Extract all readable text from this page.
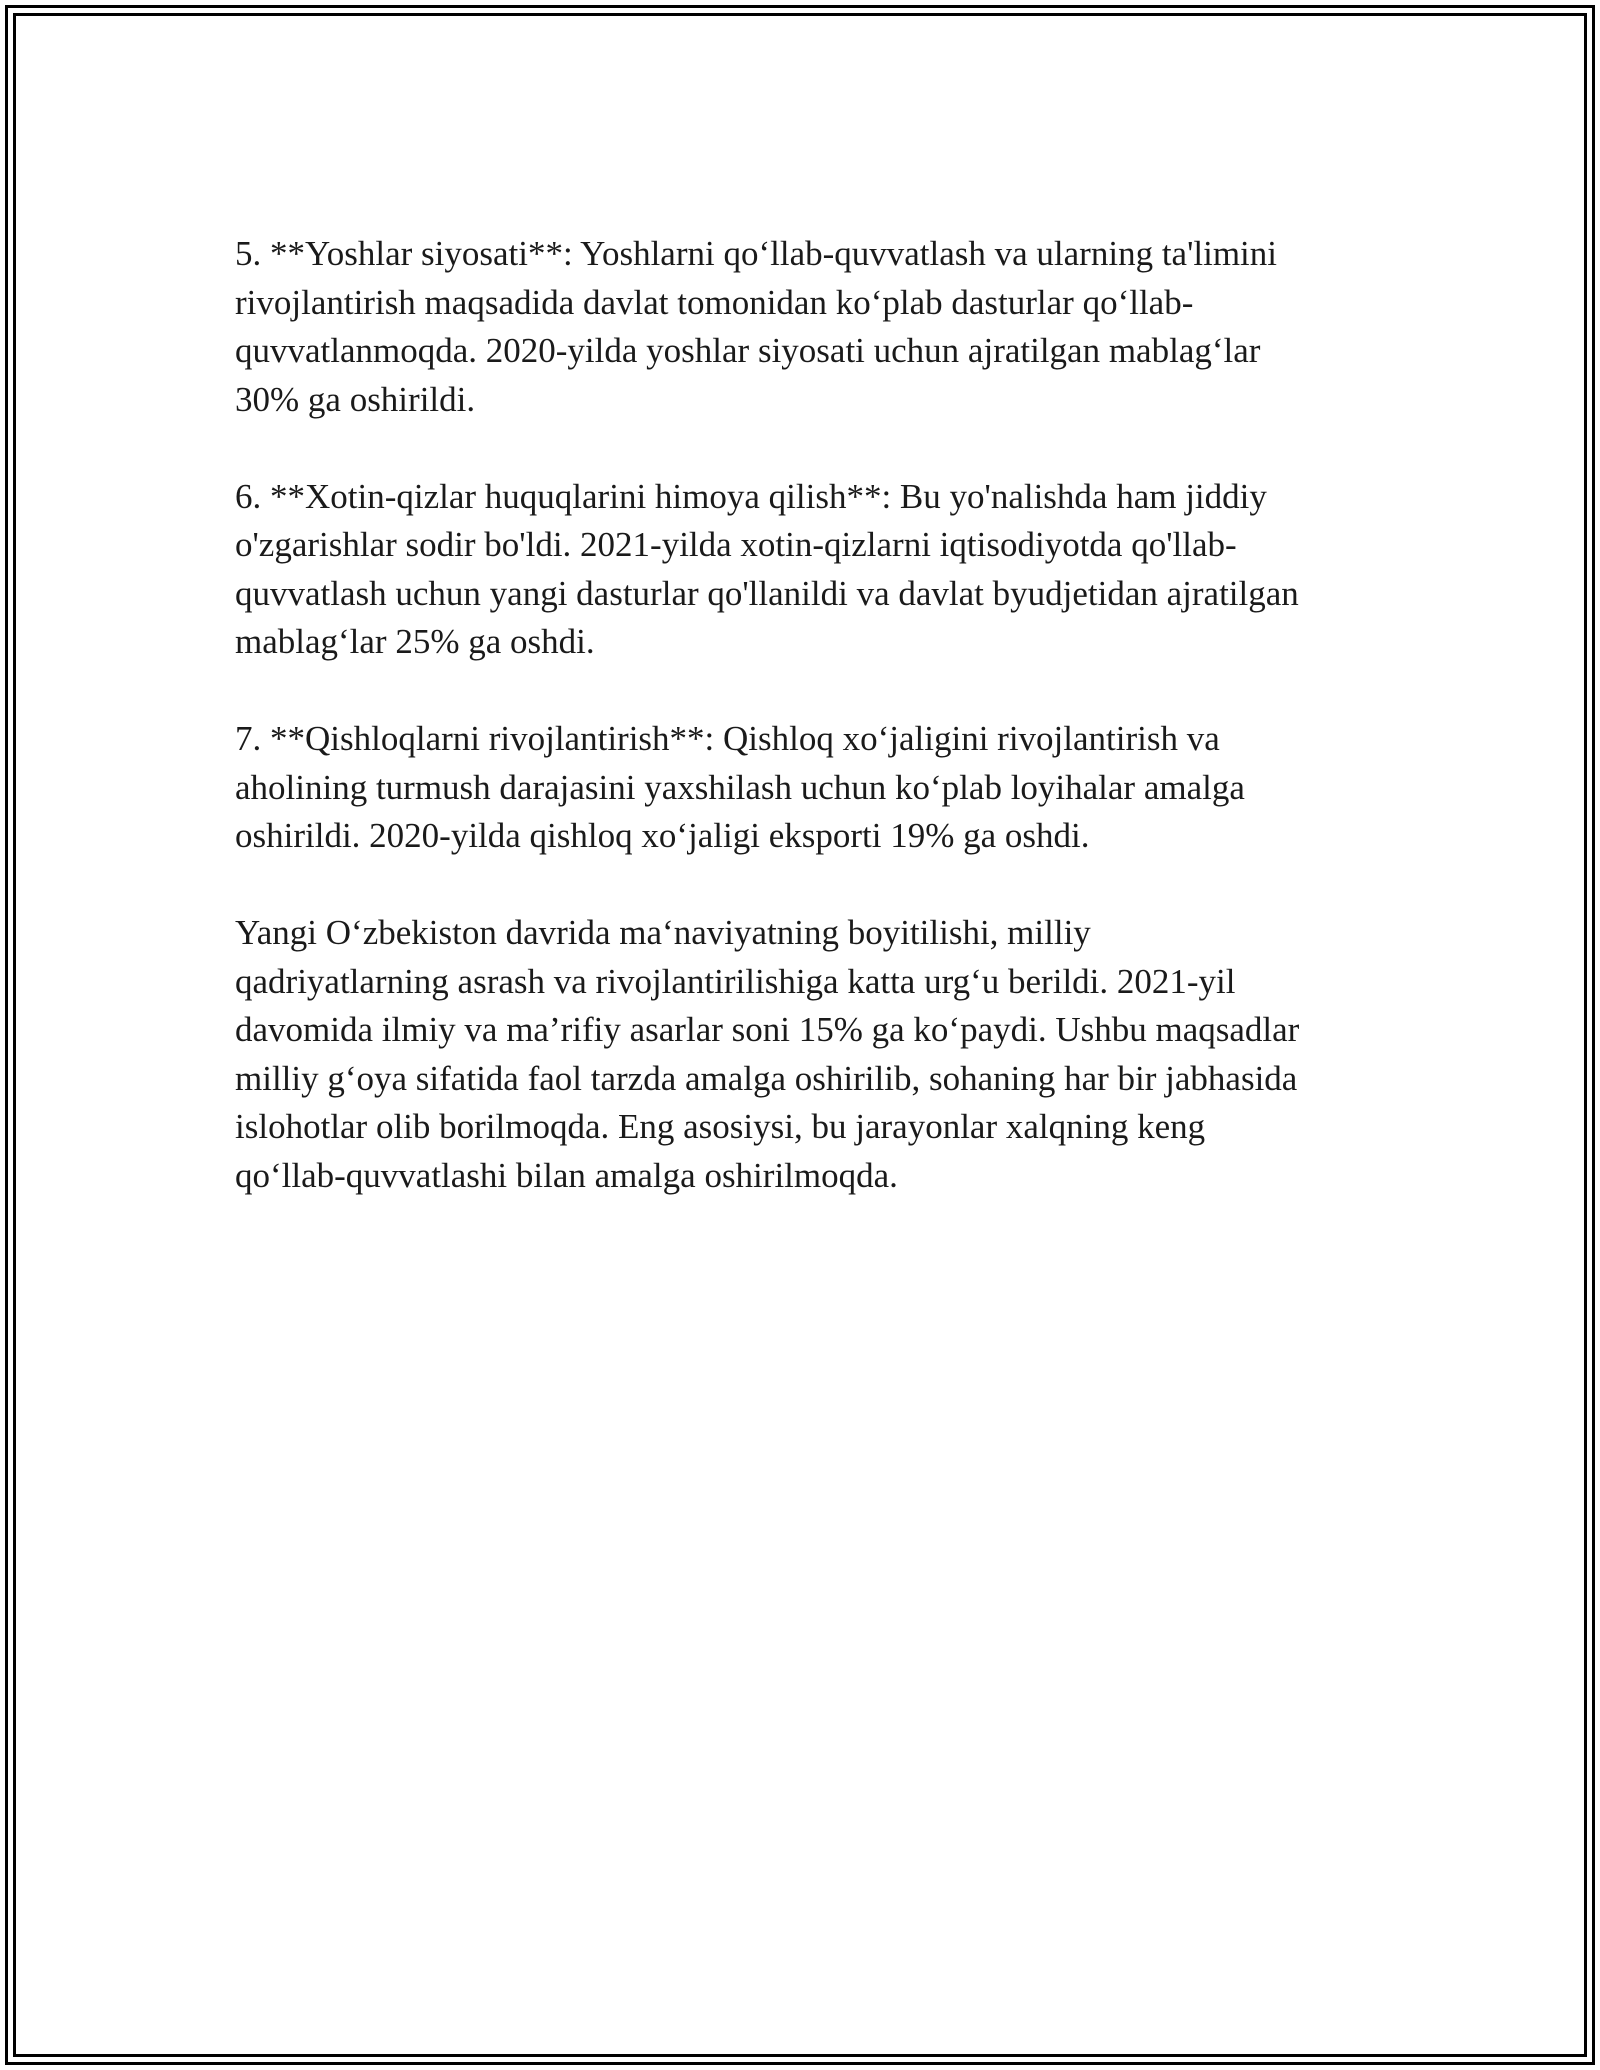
5. **Yoshlar siyosati**: Yoshlarni qo‘llab-quvvatlash va ularning ta'limini
rivojlantirish maqsadida davlat tomonidan ko‘plab dasturlar qo‘llab-
quvvatlanmoqda. 2020-yilda yoshlar siyosati uchun ajratilgan mablag‘lar
30% ga oshirildi.

6. **Xotin-qizlar huquqlarini himoya qilish**: Bu yo'nalishda ham jiddiy
o'zgarishlar sodir bo'ldi. 2021-yilda xotin-qizlarni iqtisodiyotda qo'llab-
quvvatlash uchun yangi dasturlar qo'llanildi va davlat byudjetidan ajratilgan
mablag‘lar 25% ga oshdi.

7. **Qishloqlarni rivojlantirish**: Qishloq xo‘jaligini rivojlantirish va
aholining turmush darajasini yaxshilash uchun ko‘plab loyihalar amalga
oshirildi. 2020-yilda qishloq xo‘jaligi eksporti 19% ga oshdi.

Yangi O‘zbekiston davrida ma‘naviyatning boyitilishi, milliy
qadriyatlarning asrash va rivojlantirilishiga katta urg‘u berildi. 2021-yil
davomida ilmiy va ma’rifiy asarlar soni 15% ga ko‘paydi. Ushbu maqsadlar
milliy g‘oya sifatida faol tarzda amalga oshirilib, sohaning har bir jabhasida
islohotlar olib borilmoqda. Eng asosiysi, bu jarayonlar xalqning keng
qo‘llab-quvvatlashi bilan amalga oshirilmoqda.
